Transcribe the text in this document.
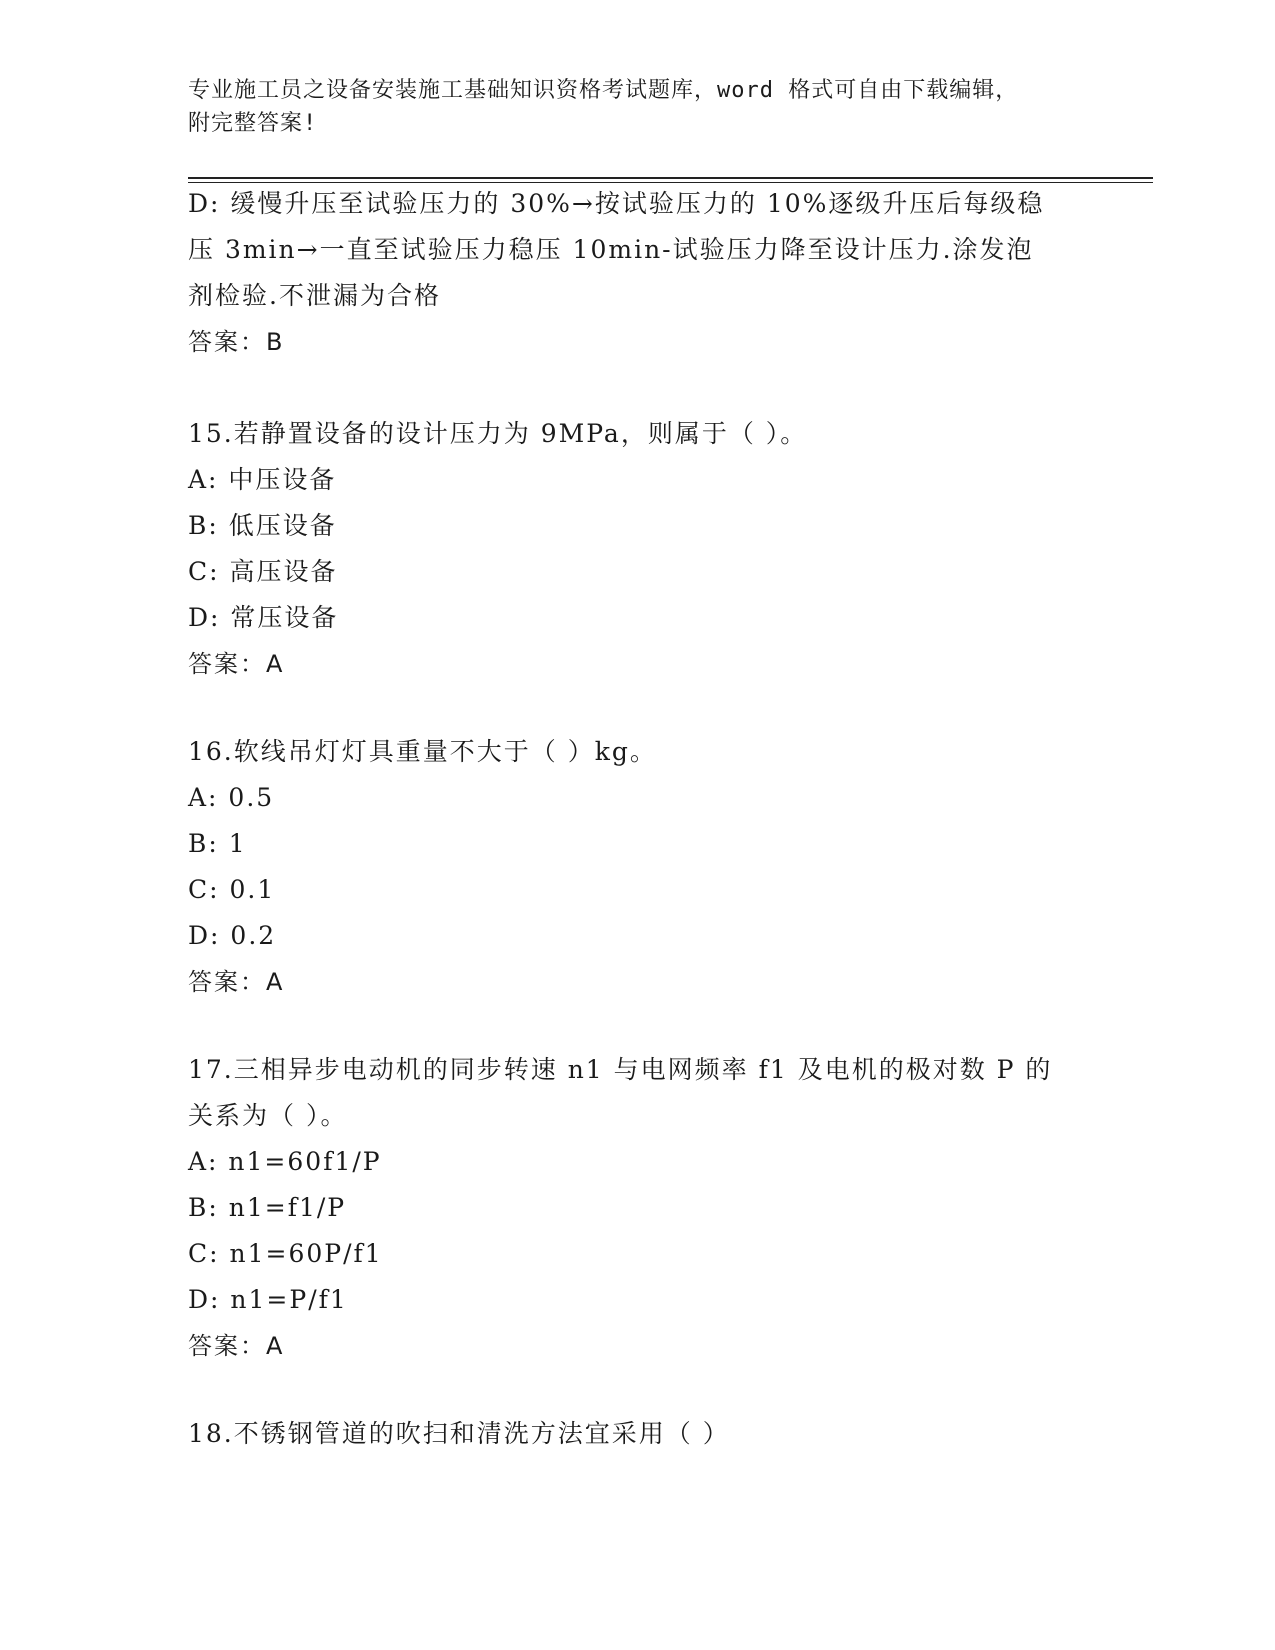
专业施工员之设备安装施工基础知识资格考试题库，word 格式可自由下载编辑，
附完整答案!
D: 缓慢升压至试验压力的 30%→按试验压力的 10%逐级升压后每级稳
压 3min→一直至试验压力稳压 10min-试验压力降至设计压力.涂发泡
剂检验.不泄漏为合格
答案：B
15.若静置设备的设计压力为 9MPa，则属于（ ）。
A: 中压设备
B: 低压设备
C: 高压设备
D: 常压设备
答案：A
16.软线吊灯灯具重量不大于（ ）kg。
A: 0.5
B: 1
C: 0.1
D: 0.2
答案：A
17.三相异步电动机的同步转速 n1 与电网频率 f1 及电机的极对数 P 的
关系为（ ）。
A: n1=60f1/P
B: n1=f1/P
C: n1=60P/f1
D: n1=P/f1
答案：A
18.不锈钢管道的吹扫和清洗方法宜采用（ ）
